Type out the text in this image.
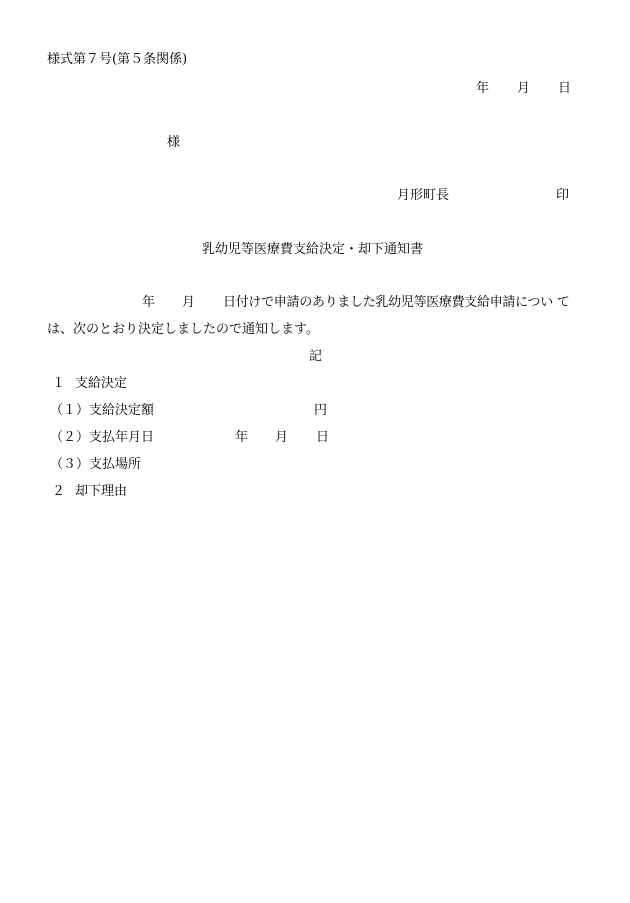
様式第７号(第５条関係)
年 月 日
様
月形町長	印
乳幼児等医療費支給決定・却下通知書
年 月 日付けで申請のありました乳幼児等医療費支給申請につい て
は、次のとおり決定しましたので通知します。
記
１ 支給決定
（１） 支給決定額	円
（２） 支払年月日	年 月 日
（３） 支払場所
２ 却下理由
